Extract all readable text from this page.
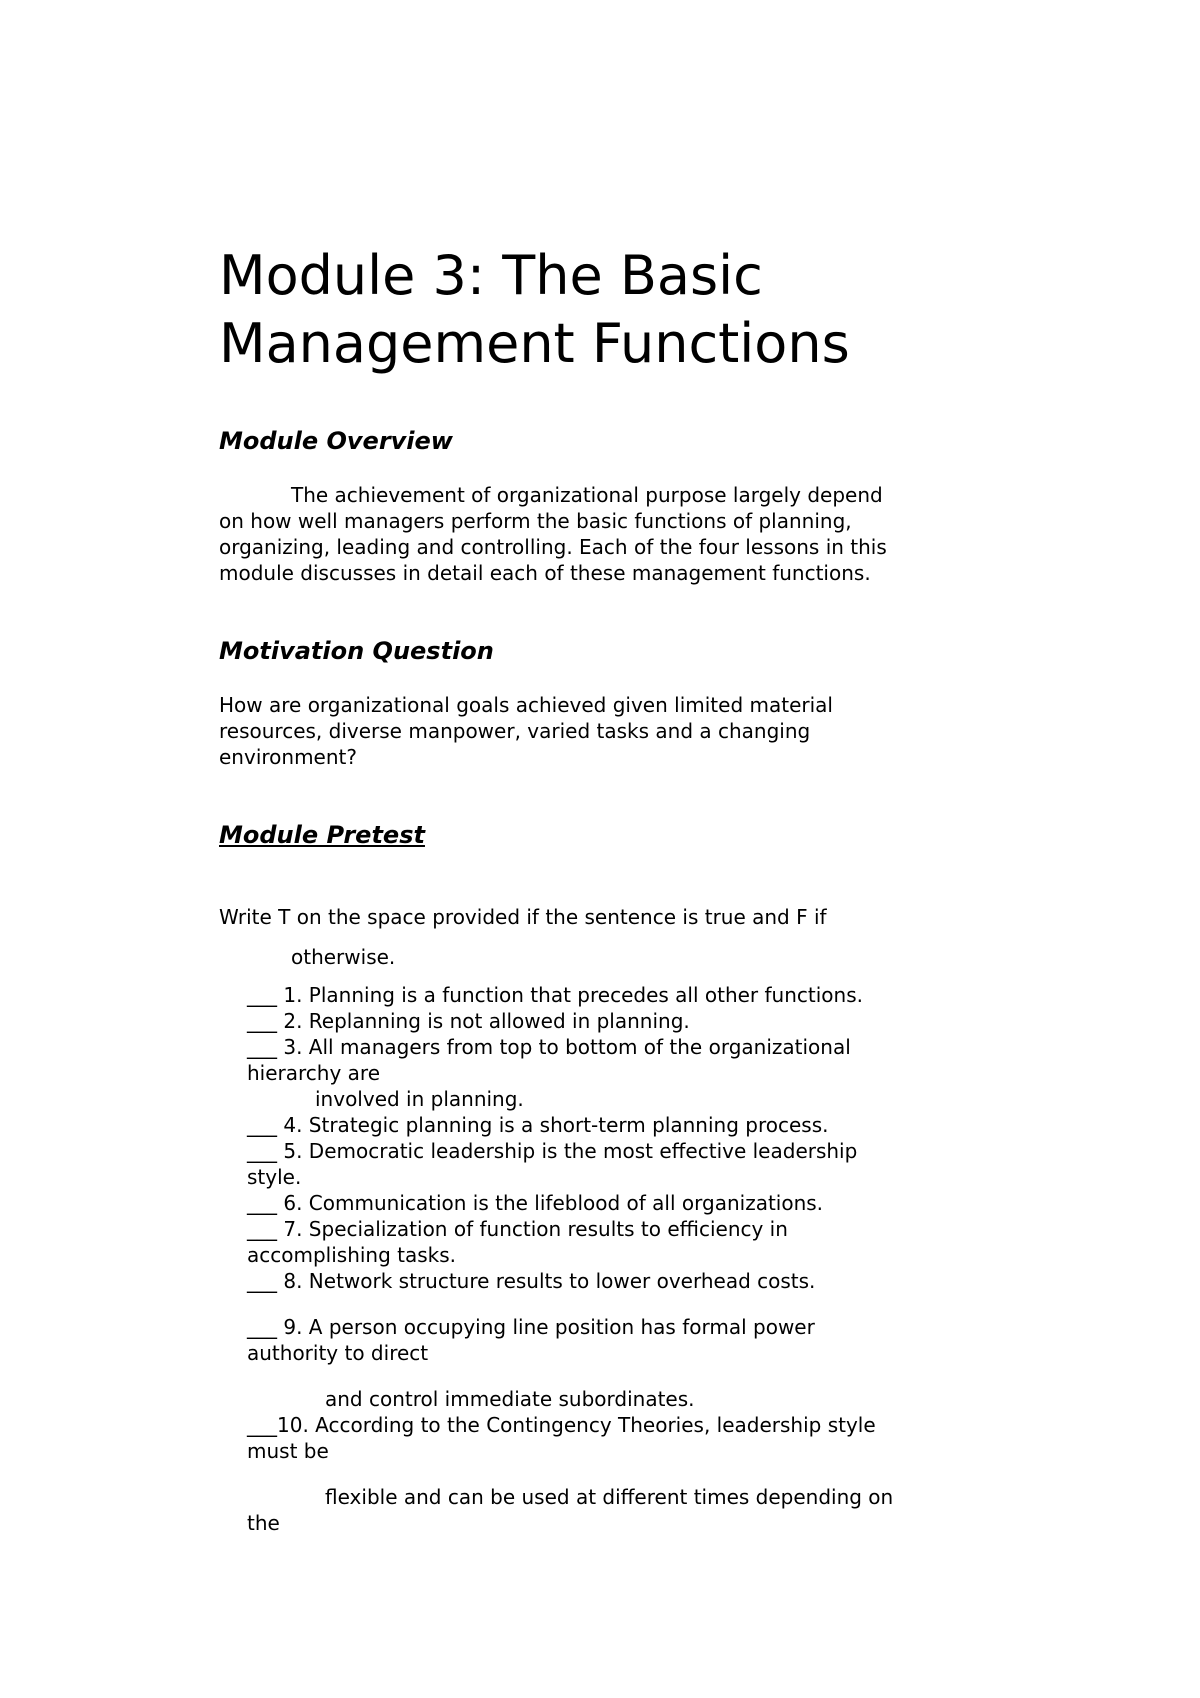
Module 3: The Basic
Management Functions
Module Overview

The achievement of organizational purpose largely depend

on how well managers perform the basic functions of planning,

organizing, leading and controlling. Each of the four lessons in this

module discusses in detail each of these management functions.

Motivation Question

How are organizational goals achieved given limited material

resources, diverse manpower, varied tasks and a changing

environment?

Module Pretest

Write T on the space provided if the sentence is true and F if

otherwise.

___ 1. Planning is a function that precedes all other functions.

___ 2. Replanning is not allowed in planning.

___ 3. All managers from top to bottom of the organizational

hierarchy are

involved in planning.

___ 4. Strategic planning is a short-term planning process.

___ 5. Democratic leadership is the most effective leadership

style.

___ 6. Communication is the lifeblood of all organizations.

___ 7. Specialization of function results to efficiency in

accomplishing tasks.

___ 8. Network structure results to lower overhead costs.

___ 9. A person occupying line position has formal power

authority to direct

and control immediate subordinates.

___10. According to the Contingency Theories, leadership style

must be

flexible and can be used at different times depending on

the
